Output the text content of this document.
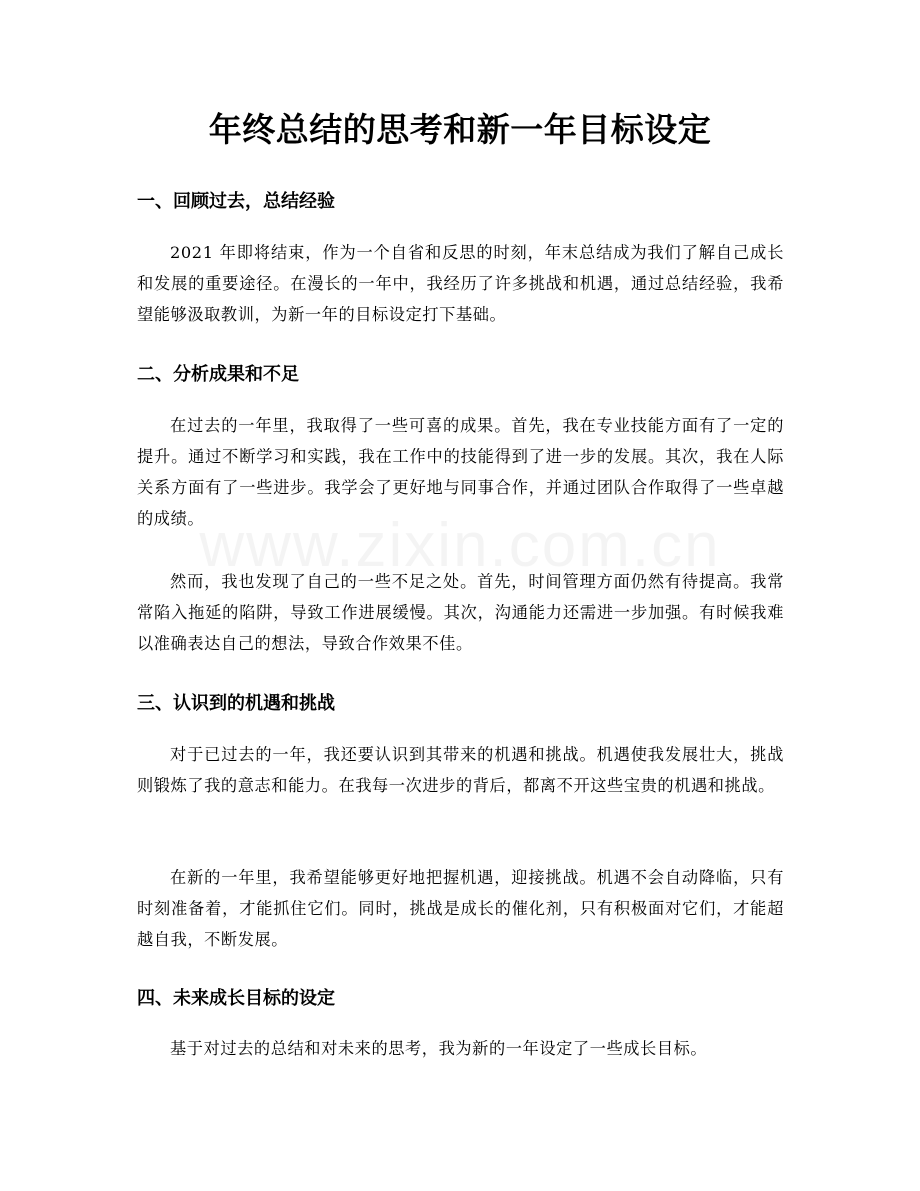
年终总结的思考和新一年目标设定
一、回顾过去，总结经验
2021 年即将结束，作为一个自省和反思的时刻，年末总结成为我们了解自己成长和发展的重要途径。在漫长的一年中，我经历了许多挑战和机遇，通过总结经验，我希望能够汲取教训，为新一年的目标设定打下基础。
二、分析成果和不足
在过去的一年里，我取得了一些可喜的成果。首先，我在专业技能方面有了一定的提升。通过不断学习和实践，我在工作中的技能得到了进一步的发展。其次，我在人际关系方面有了一些进步。我学会了更好地与同事合作，并通过团队合作取得了一些卓越的成绩。
然而，我也发现了自己的一些不足之处。首先，时间管理方面仍然有待提高。我常常陷入拖延的陷阱，导致工作进展缓慢。其次，沟通能力还需进一步加强。有时候我难以准确表达自己的想法，导致合作效果不佳。
三、认识到的机遇和挑战
对于已过去的一年，我还要认识到其带来的机遇和挑战。机遇使我发展壮大，挑战则锻炼了我的意志和能力。在我每一次进步的背后，都离不开这些宝贵的机遇和挑战。
在新的一年里，我希望能够更好地把握机遇，迎接挑战。机遇不会自动降临，只有时刻准备着，才能抓住它们。同时，挑战是成长的催化剂，只有积极面对它们，才能超越自我，不断发展。
四、未来成长目标的设定
基于对过去的总结和对未来的思考，我为新的一年设定了一些成长目标。
